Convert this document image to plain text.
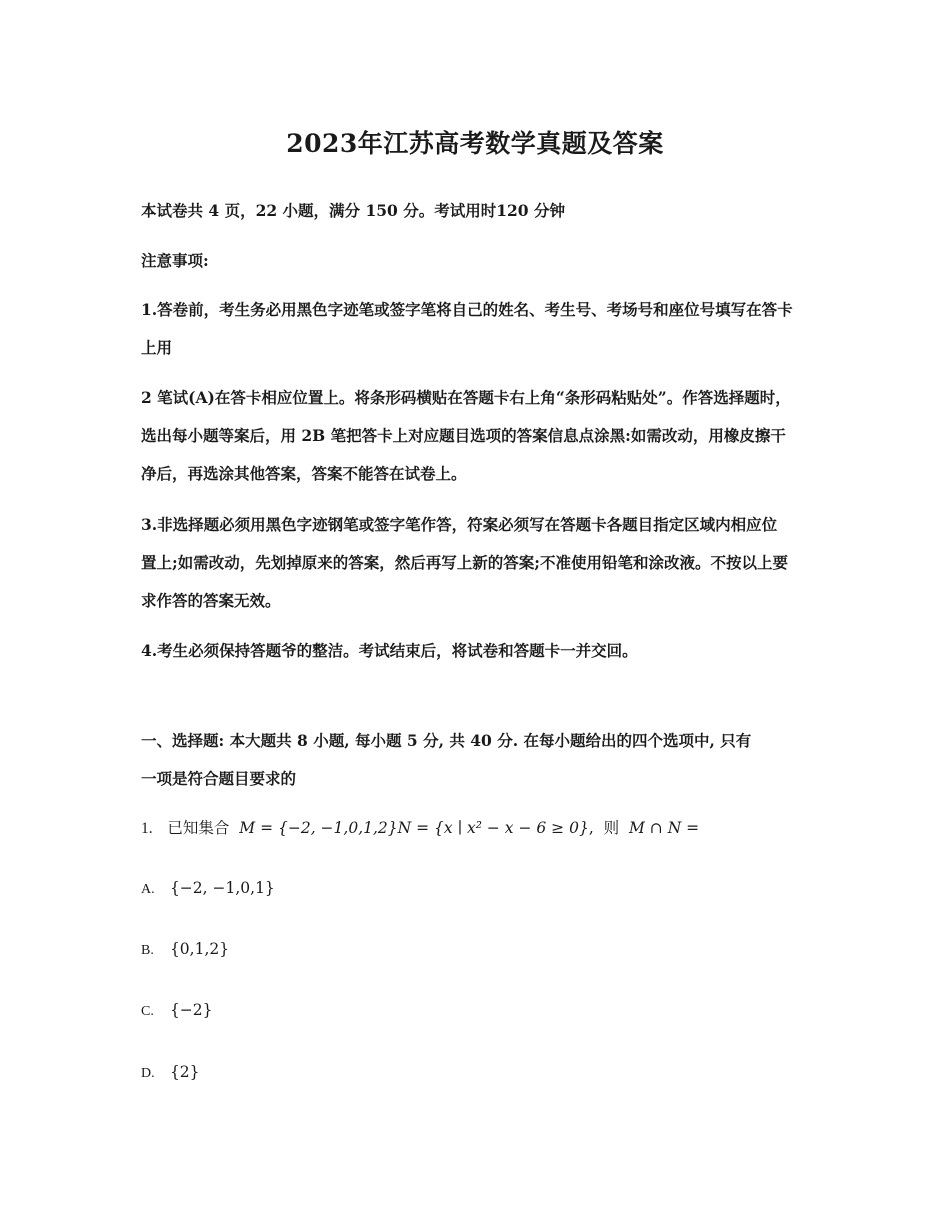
2023年江苏高考数学真题及答案
本试卷共 4 页，22 小题，满分 150 分。考试用时120 分钟
注意事项:
1.答卷前，考生务必用黑色字迹笔或签字笔将自己的姓名、考生号、考场号和座位号填写在答卡
上用
2 笔试(A)在答卡相应位置上。将条形码横贴在答题卡右上角“条形码粘贴处”。作答选择题时，
选出每小题等案后，用 2B 笔把答卡上对应题目选项的答案信息点涂黑:如需改动，用橡皮擦干
净后，再选涂其他答案，答案不能答在试卷上。
3.非选择题必须用黑色字迹钢笔或签字笔作答，符案必须写在答题卡各题目指定区域内相应位
置上;如需改动，先划掉原来的答案，然后再写上新的答案;不准使用铅笔和涂改液。不按以上要
求作答的答案无效。
4.考生必须保持答题爷的整洁。考试结束后，将试卷和答题卡一并交回。
一、选择题: 本大题共 8 小题, 每小题 5 分, 共 40 分. 在每小题给出的四个选项中, 只有
一项是符合题目要求的
1. 已知集合 M = {−2, −1,0,1,2}N = {x ∣ x² − x − 6 ≥ 0},  则 M ∩ N =
A. {−2, −1,0,1}
B. {0,1,2}
C. {−2}
D. {2}
